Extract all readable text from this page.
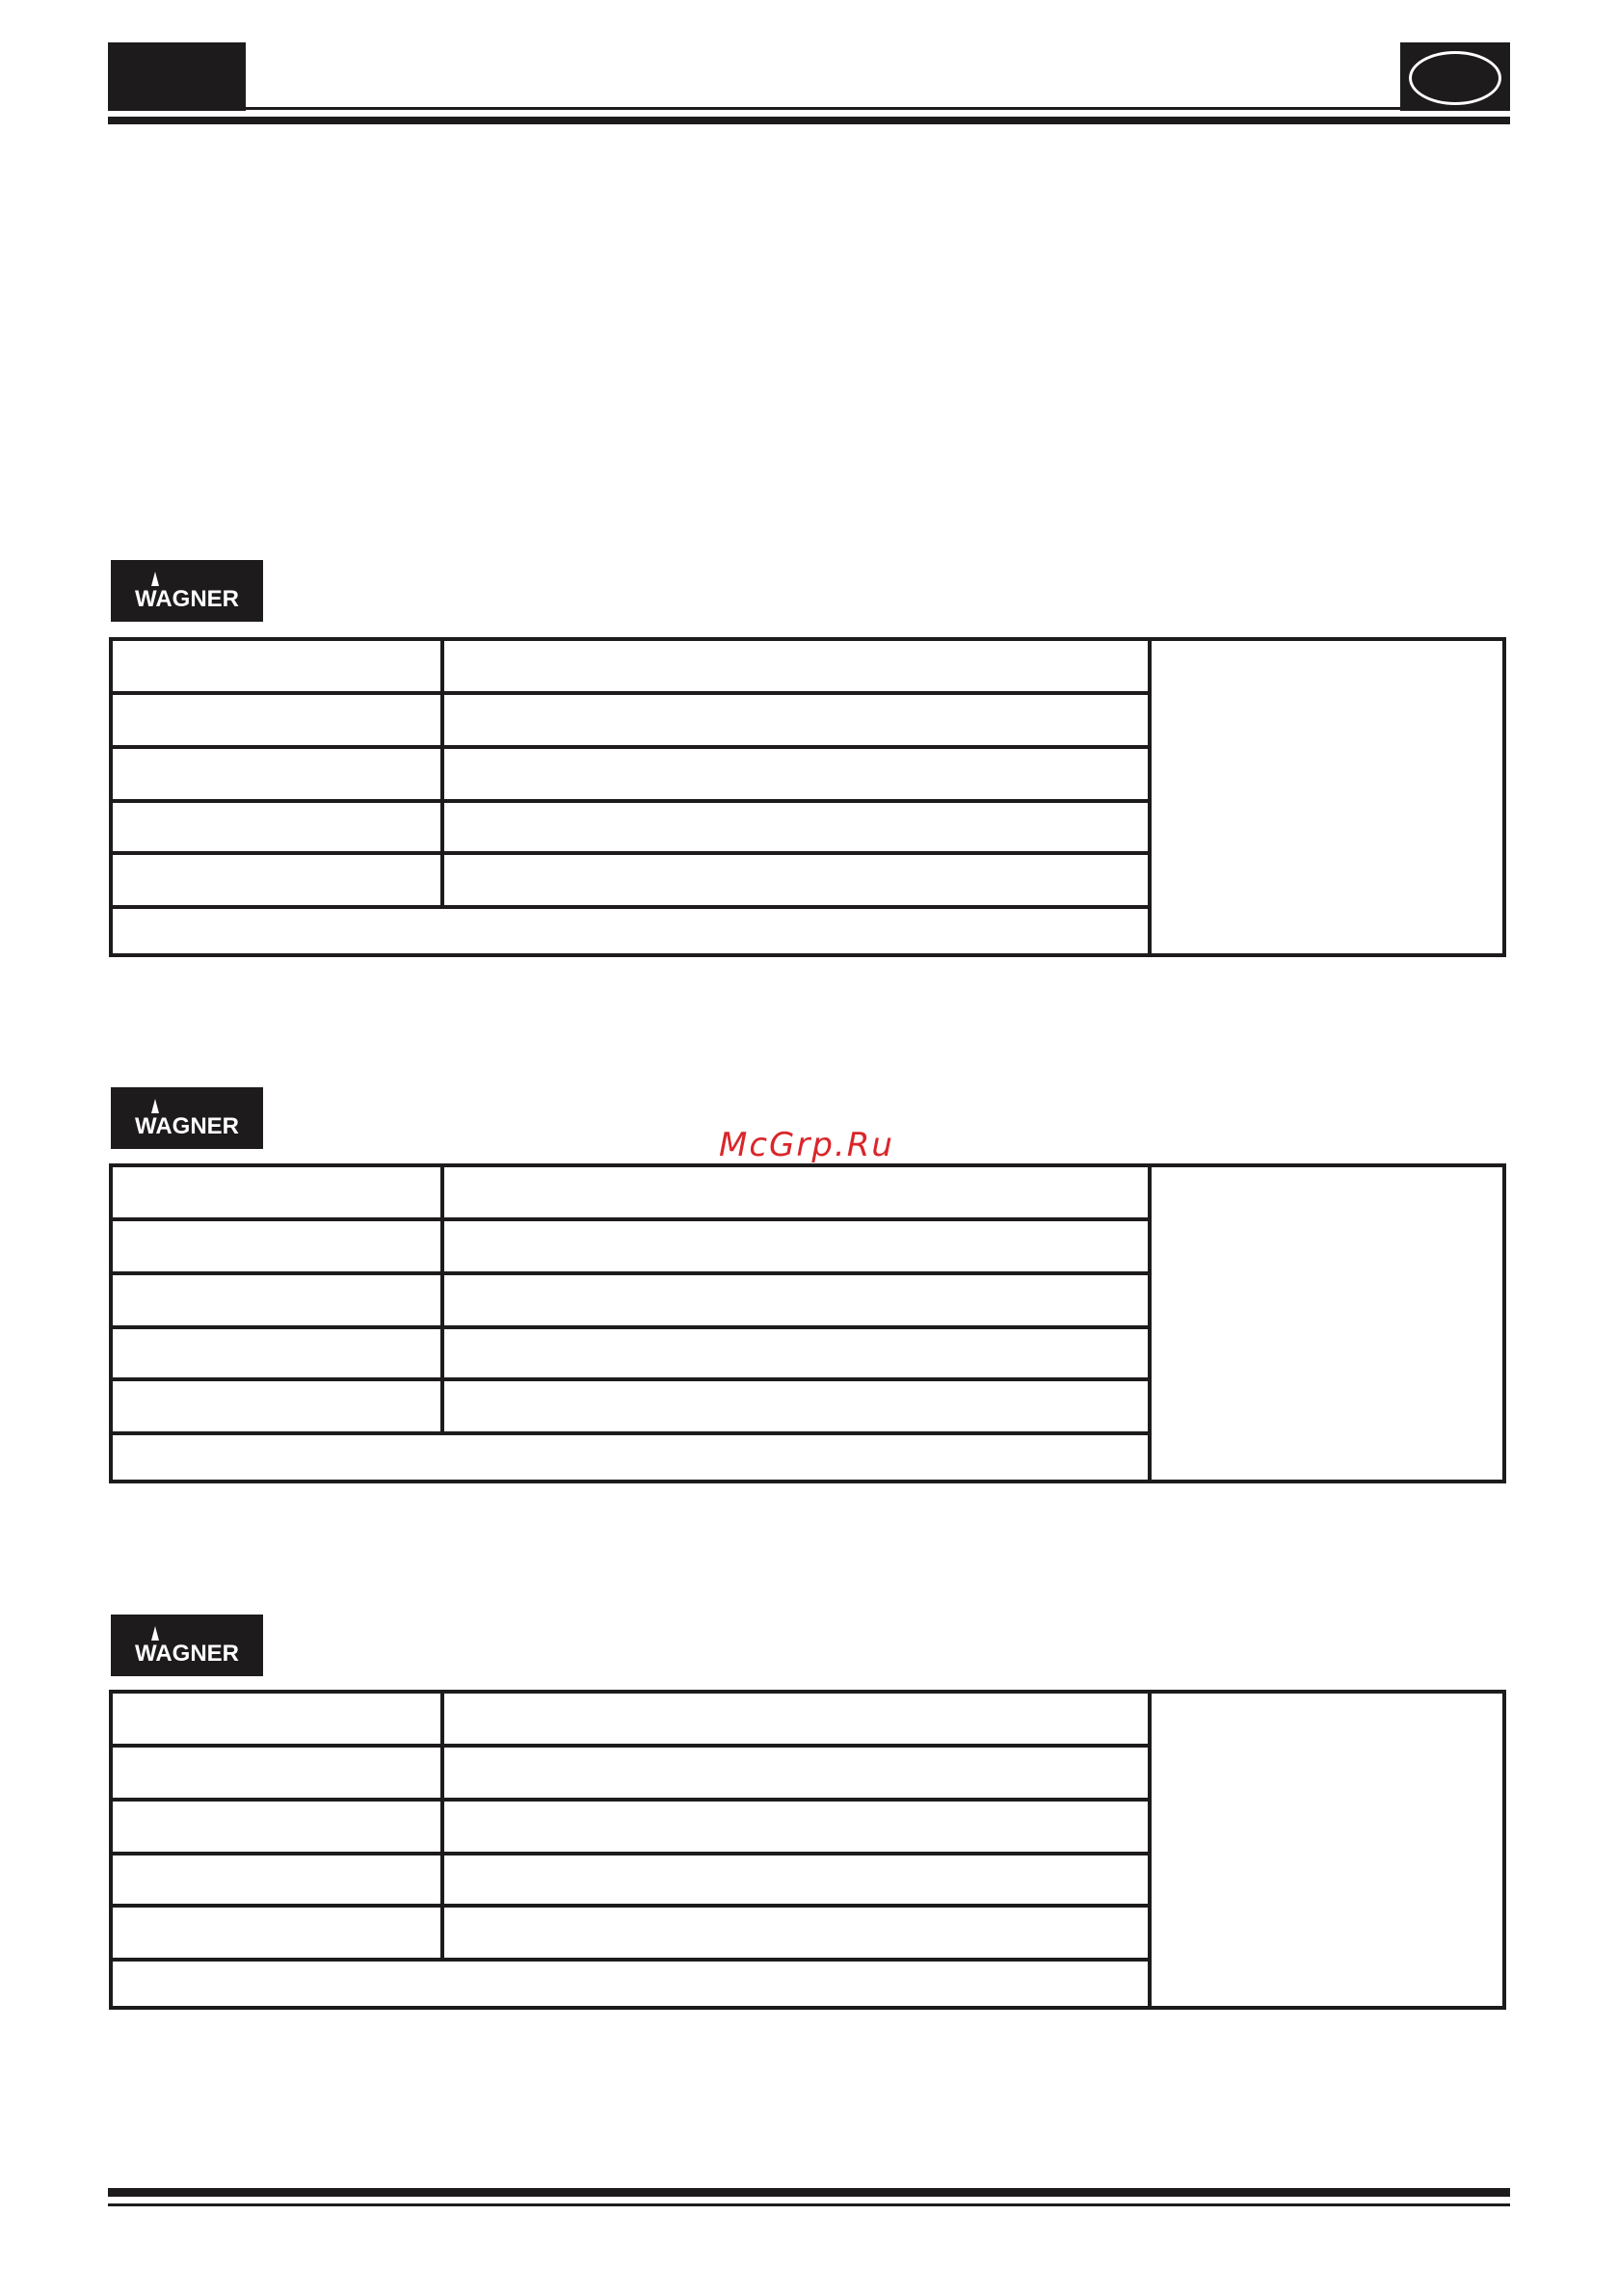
WAGNER
WAGNER
WAGNER
McGrp.Ru
